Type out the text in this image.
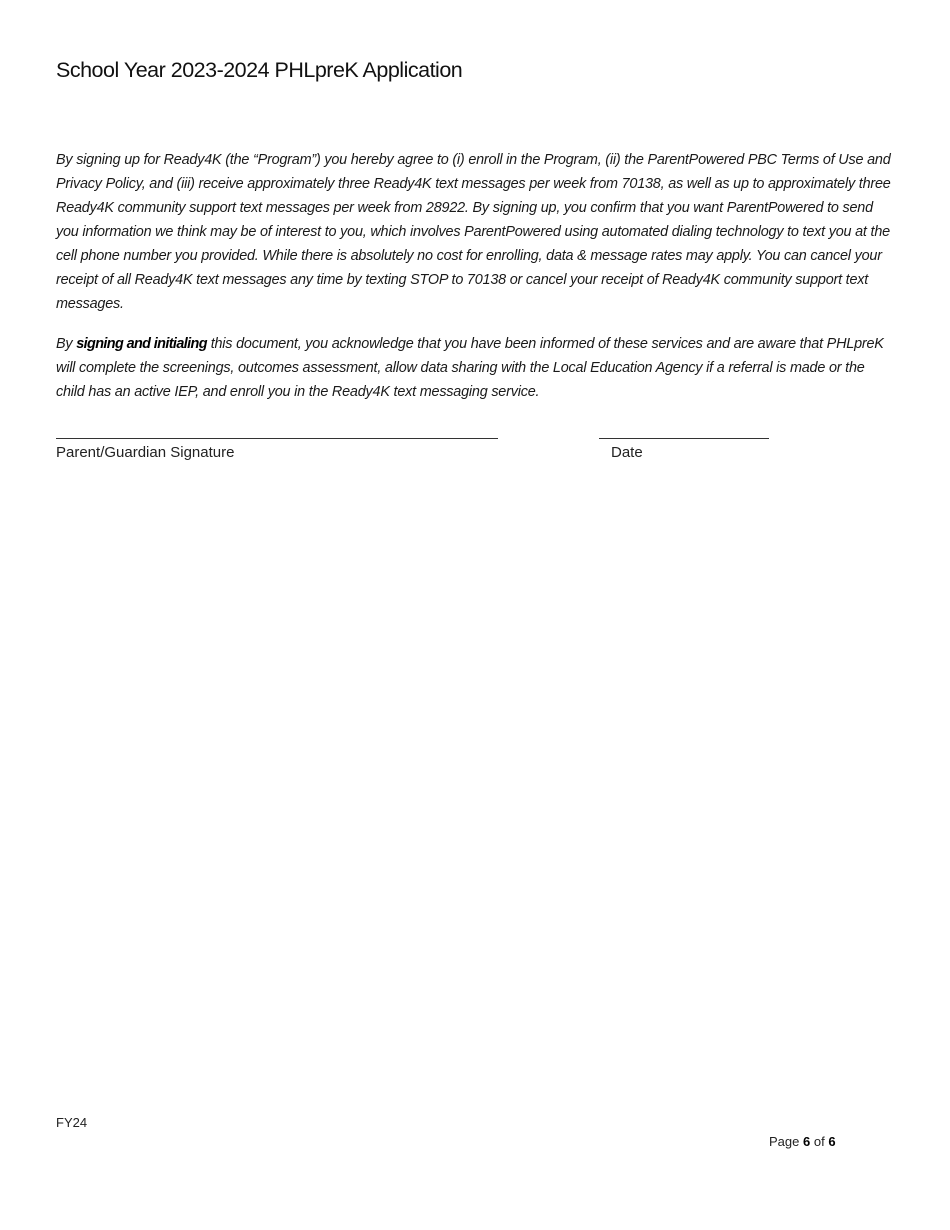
School Year 2023-2024 PHLpreK Application

By signing up for Ready4K (the “Program”) you hereby agree to (i) enroll in the Program, (ii) the ParentPowered PBC Terms of Use and Privacy Policy, and (iii) receive approximately three Ready4K text messages per week from 70138, as well as up to approximately three Ready4K community support text messages per week from 28922. By signing up, you confirm that you want ParentPowered to send you information we think may be of interest to you, which involves ParentPowered using automated dialing technology to text you at the cell phone number you provided. While there is absolutely no cost for enrolling, data & message rates may apply. You can cancel your receipt of all Ready4K text messages any time by texting STOP to 70138 or cancel your receipt of Ready4K community support text messages.

By signing and initialing this document, you acknowledge that you have been informed of these services and are aware that PHLpreK will complete the screenings, outcomes assessment, allow data sharing with the Local Education Agency if a referral is made or the child has an active IEP, and enroll you in the Ready4K text messaging service.

Parent/Guardian Signature	Date
FY24
Page 6 of 6
